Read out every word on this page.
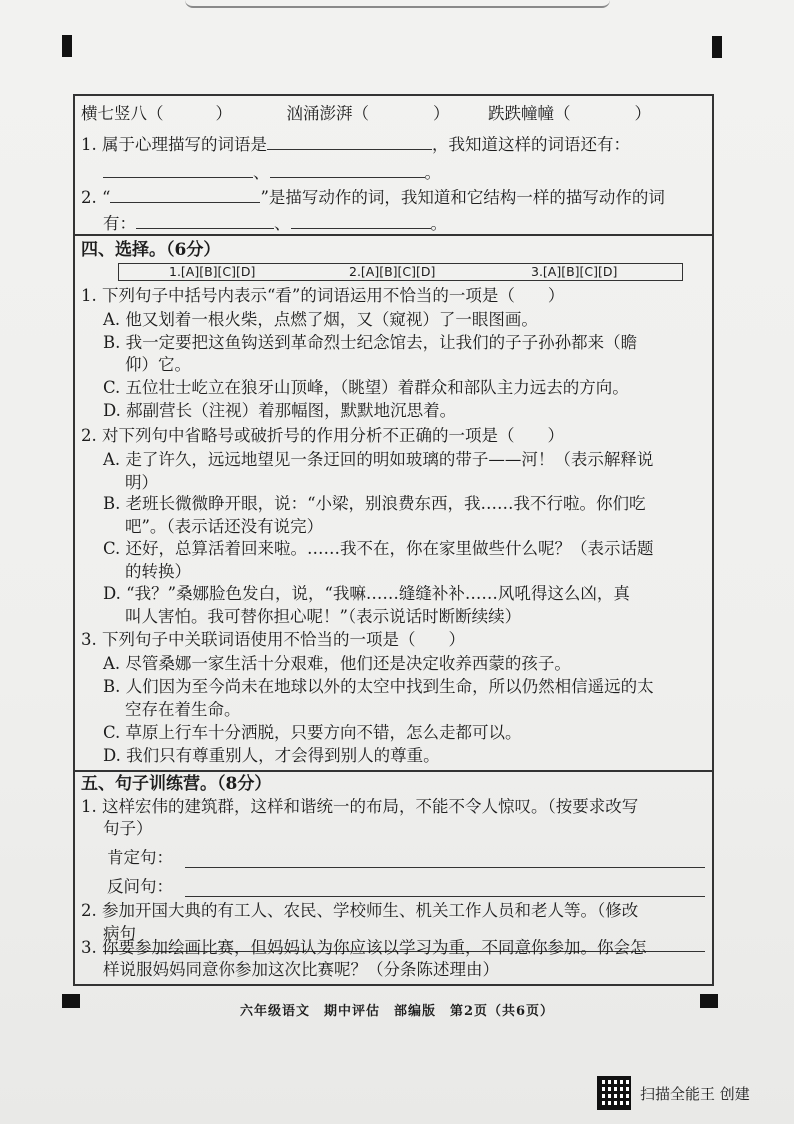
横七竖八（	）	汹涌澎湃（	） 跌跌幢幢（	）
1. 属于心理描写的词语是	，我知道这样的词语还有：
、	。
2. “	”是描写动作的词，我知道和它结构一样的描写动作的词
有：	、	。
四、选择。（6分）
1.[A][B][C][D]	2.[A][B][C][D]	3.[A][B][C][D]
1. 下列句子中括号内表示“看”的词语运用不恰当的一项是（　　）
A. 他又划着一根火柴，点燃了烟，又（窥视）了一眼图画。
B. 我一定要把这鱼钩送到革命烈士纪念馆去，让我们的子子孙孙都来（瞻
仰）它。
C. 五位壮士屹立在狼牙山顶峰，（眺望）着群众和部队主力远去的方向。
D. 郝副营长（注视）着那幅图，默默地沉思着。
2. 对下列句中省略号或破折号的作用分析不正确的一项是（　　）
A. 走了许久，远远地望见一条迂回的明如玻璃的带子——河！（表示解释说
明）
B. 老班长微微睁开眼，说：“小梁，别浪费东西，我……我不行啦。你们吃
吧”。（表示话还没有说完）
C. 还好，总算活着回来啦。……我不在，你在家里做些什么呢？（表示话题
的转换）
D. “我？”桑娜脸色发白，说，“我嘛……缝缝补补……风吼得这么凶，真
叫人害怕。我可替你担心呢！”（表示说话时断断续续）
3. 下列句子中关联词语使用不恰当的一项是（　　）
A. 尽管桑娜一家生活十分艰难，他们还是决定收养西蒙的孩子。
B. 人们因为至今尚未在地球以外的太空中找到生命，所以仍然相信遥远的太
空存在着生命。
C. 草原上行车十分洒脱，只要方向不错，怎么走都可以。
D. 我们只有尊重别人，才会得到别人的尊重。
五、句子训练营。（8分）
1. 这样宏伟的建筑群，这样和谐统一的布局，不能不令人惊叹。（按要求改写
句子）
肯定句：
反问句：
2. 参加开国大典的有工人、农民、学校师生、机关工作人员和老人等。（修改
病句
3. 你要参加绘画比赛，但妈妈认为你应该以学习为重，不同意你参加。你会怎
样说服妈妈同意你参加这次比赛呢？（分条陈述理由）
六年级语文　期中评估　部编版　第2页（共6页）
扫描全能王 创建
